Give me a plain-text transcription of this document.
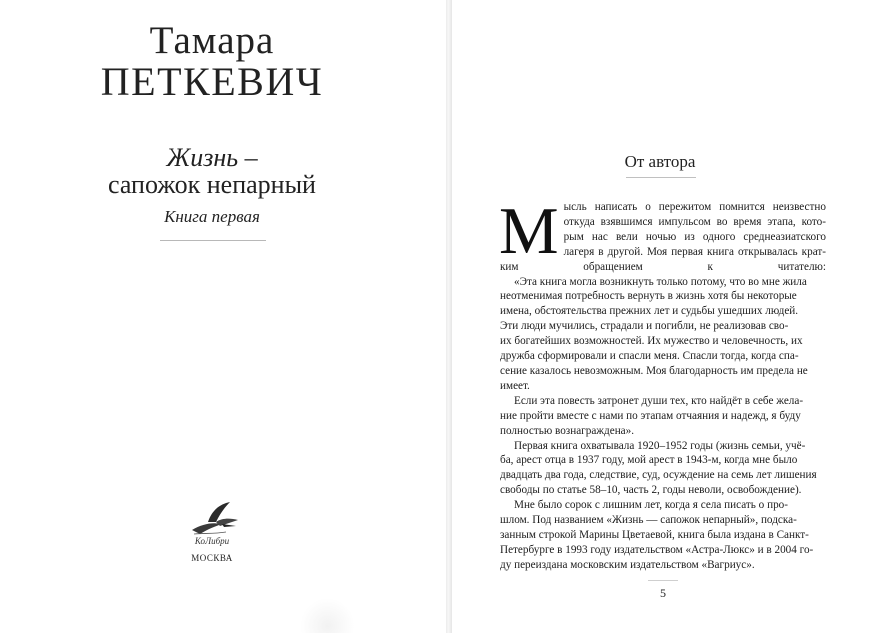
Тамара
ПЕТКЕВИЧ
Жизнь –
сапожок непарный
Книга первая
КоЛибри
МОСКВА
От автора

М ысль написать о пережитом помнится неизвестно
откуда взявшимся импульсом во время этапа, кото-
рым нас вели ночью из одного среднеазиатского
лагеря в другой. Моя первая книга открывалась крат-
ким обращением к читателю:

«Эта книга могла возникнуть только потому, что во мне жила
неотменимая потребность вернуть в жизнь хотя бы некоторые
имена, обстоятельства прежних лет и судьбы ушедших людей.
Эти люди мучились, страдали и погибли, не реализовав сво-
их богатейших возможностей. Их мужество и человечность, их
дружба сформировали и спасли меня. Спасли тогда, когда спа-
сение казалось невозможным. Моя благодарность им предела не
имеет.

Если эта повесть затронет души тех, кто найдёт в себе жела-
ние пройти вместе с нами по этапам отчаяния и надежд, я буду
полностью вознаграждена».

Первая книга охватывала 1920–1952 годы (жизнь семьи, учё-
ба, арест отца в 1937 году, мой арест в 1943-м, когда мне было
двадцать два года, следствие, суд, осуждение на семь лет лишения
свободы по статье 58–10, часть 2, годы неволи, освобождение).

Мне было сорок с лишним лет, когда я села писать о про-
шлом. Под названием «Жизнь — сапожок непарный», подска-
занным строкой Марины Цветаевой, книга была издана в Санкт-
Петербурге в 1993 году издательством «Астра-Люкс» и в 2004 го-
ду переиздана московским издательством «Вагриус».

5
